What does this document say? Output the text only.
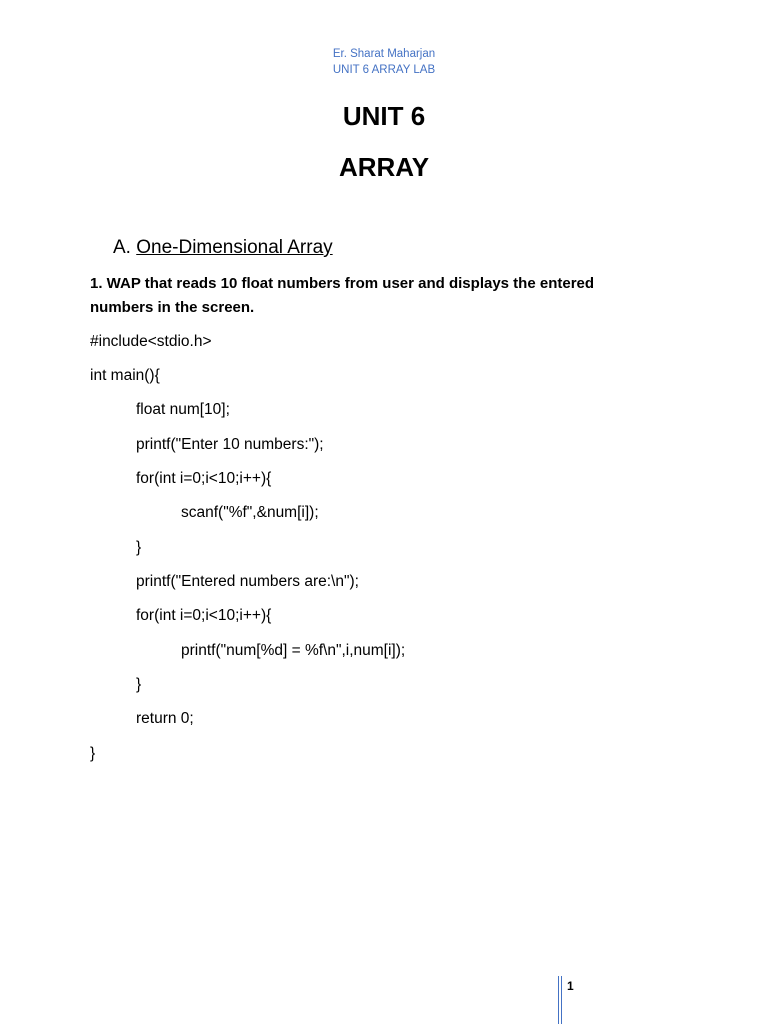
Er. Sharat Maharjan
UNIT 6 ARRAY LAB
UNIT 6
ARRAY
A. One-Dimensional Array
1. WAP that reads 10 float numbers from user and displays the entered
numbers in the screen.
#include<stdio.h>
int main(){
float num[10];
printf("Enter 10 numbers:");
for(int i=0;i<10;i++){
scanf("%f",&num[i]);
}
printf("Entered numbers are:\n");
for(int i=0;i<10;i++){
printf("num[%d] = %f\n",i,num[i]);
}
return 0;
}
1
